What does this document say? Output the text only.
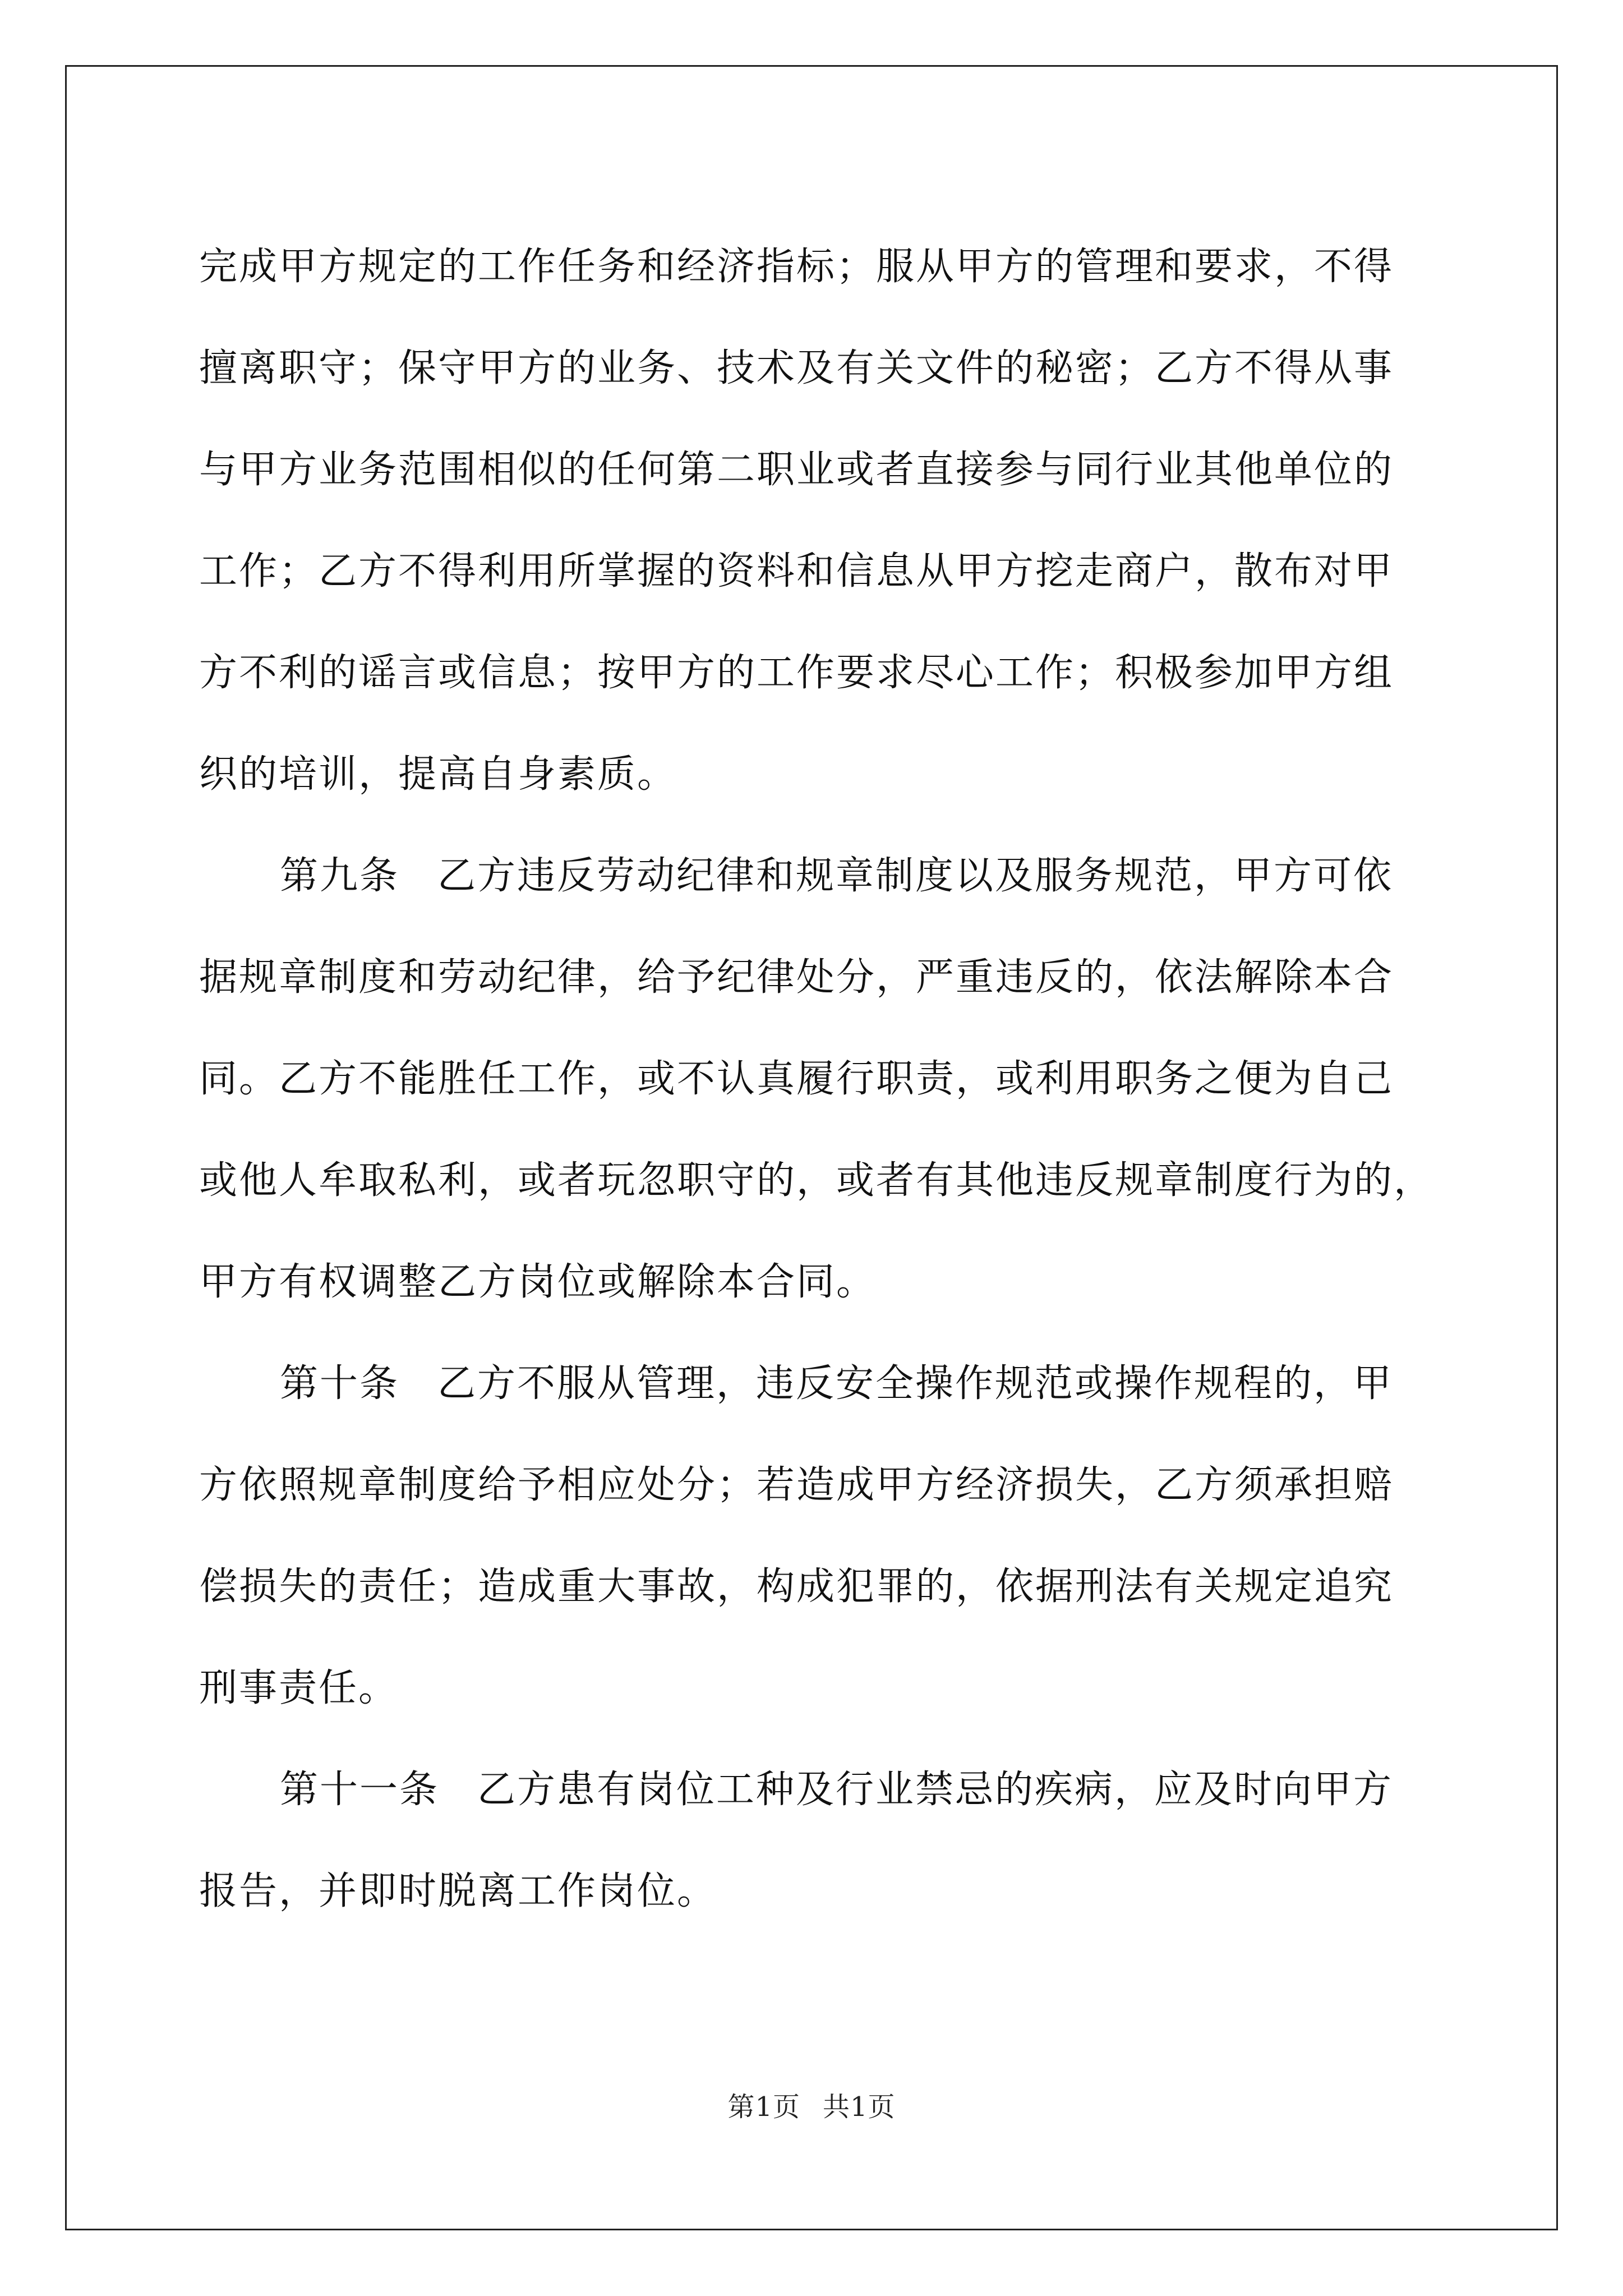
完成甲方规定的工作任务和经济指标；服从甲方的管理和要求，不得
擅离职守；保守甲方的业务、技术及有关文件的秘密；乙方不得从事
与甲方业务范围相似的任何第二职业或者直接参与同行业其他单位的
工作；乙方不得利用所掌握的资料和信息从甲方挖走商户，散布对甲
方不利的谣言或信息；按甲方的工作要求尽心工作；积极参加甲方组
织的培训，提高自身素质。
第九条 乙方违反劳动纪律和规章制度以及服务规范，甲方可依
据规章制度和劳动纪律，给予纪律处分，严重违反的，依法解除本合
同。乙方不能胜任工作，或不认真履行职责，或利用职务之便为自己
或他人牟取私利，或者玩忽职守的，或者有其他违反规章制度行为的，
甲方有权调整乙方岗位或解除本合同。
第十条 乙方不服从管理，违反安全操作规范或操作规程的，甲
方依照规章制度给予相应处分；若造成甲方经济损失，乙方须承担赔
偿损失的责任；造成重大事故，构成犯罪的，依据刑法有关规定追究
刑事责任。
第十一条 乙方患有岗位工种及行业禁忌的疾病，应及时向甲方
报告，并即时脱离工作岗位。
第1页 共1页
